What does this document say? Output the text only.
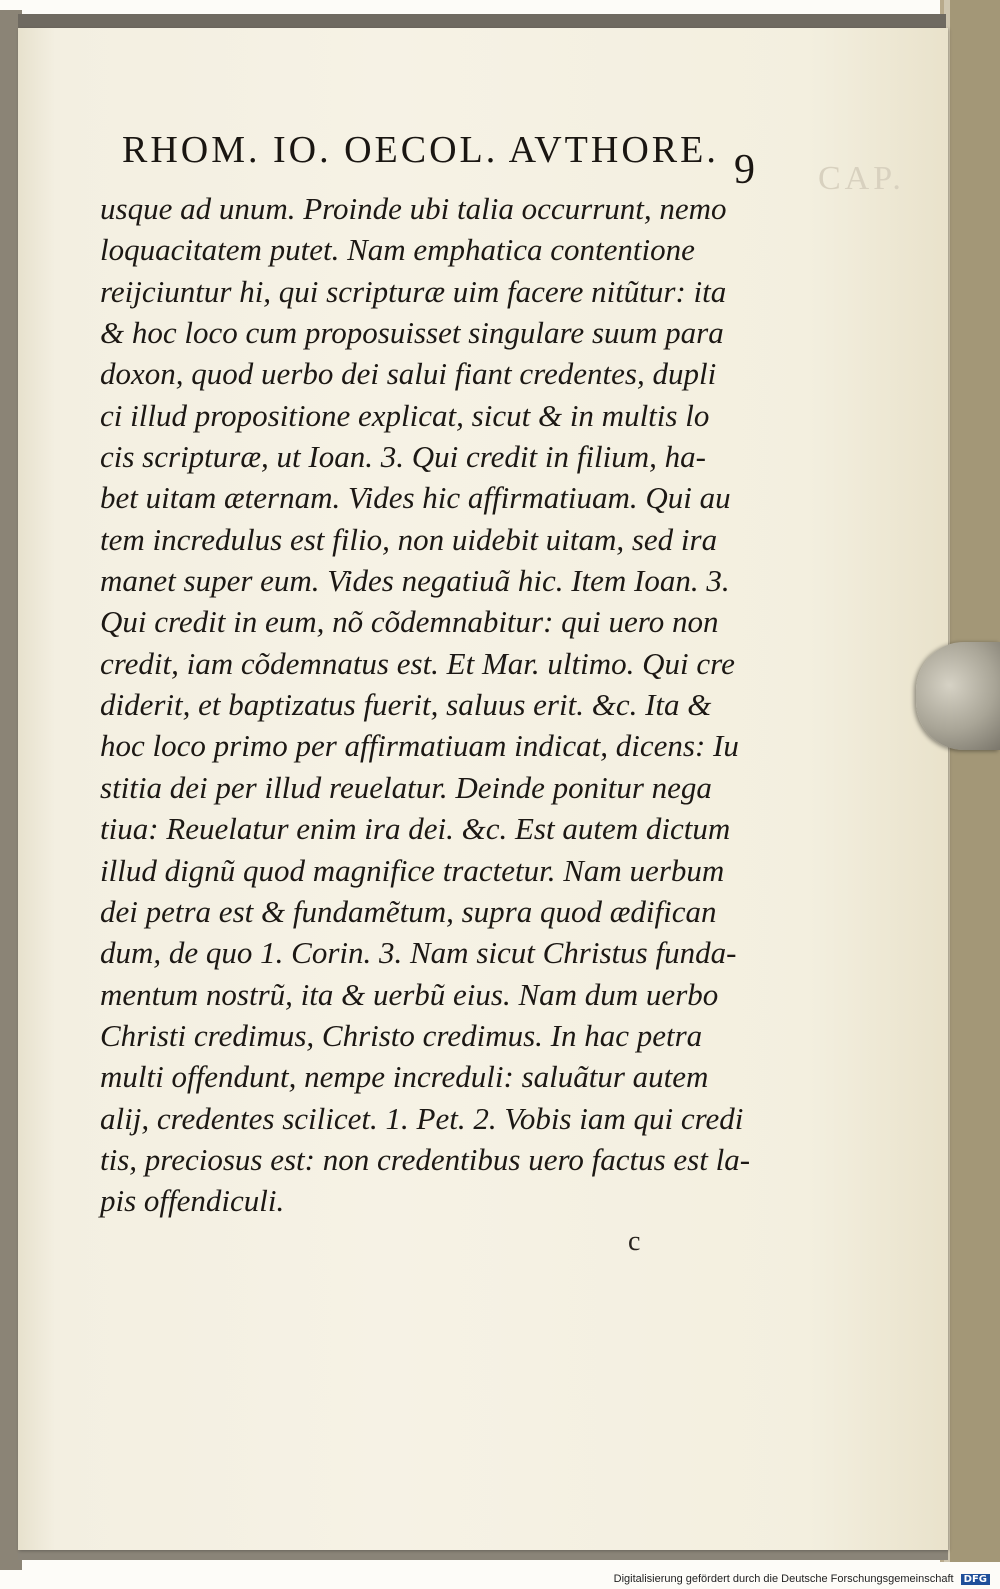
CAP.
RHOM. IO. OECOL. AVTHORE. 9
usque ad unum. Proinde ubi talia occurrunt, nemo
loquacitatem putet. Nam emphatica contentione
reijciuntur hi, qui scripturæ uim facere nitũtur: ita
& hoc loco cum proposuisset singulare suum para
doxon, quod uerbo dei salui fiant credentes, dupli
ci illud propositione explicat, sicut & in multis lo
cis scripturæ, ut Ioan. 3. Qui credit in filium, ha-
bet uitam æternam. Vides hic affirmatiuam. Qui au
tem incredulus est filio, non uidebit uitam, sed ira
manet super eum. Vides negatiuã hic. Item Ioan. 3.
Qui credit in eum, nõ cõdemnabitur: qui uero non
credit, iam cõdemnatus est. Et Mar. ultimo. Qui cre
diderit, et baptizatus fuerit, saluus erit. &c. Ita &
hoc loco primo per affirmatiuam indicat, dicens: Iu
stitia dei per illud reuelatur. Deinde ponitur nega
tiua: Reuelatur enim ira dei. &c. Est autem dictum
illud dignũ quod magnifice tractetur. Nam uerbum
dei petra est & fundamẽtum, supra quod ædifican
dum, de quo 1. Corin. 3. Nam sicut Christus funda-
mentum nostrũ, ita & uerbũ eius. Nam dum uerbo
Christi credimus, Christo credimus. In hac petra
multi offendunt, nempe increduli: saluãtur autem
alij, credentes scilicet. 1. Pet. 2. Vobis iam qui credi
tis, preciosus est: non credentibus uero factus est la-
pis offendiculi.
c
Digitalisierung gefördert durch die Deutsche Forschungsgemeinschaft DFG
